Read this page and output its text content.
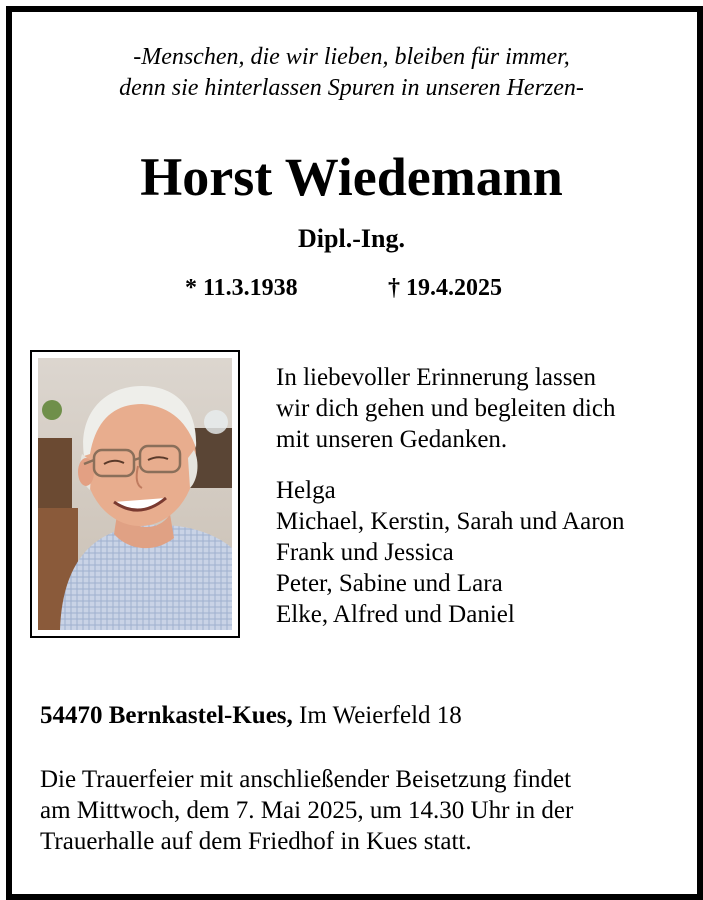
-Menschen, die wir lieben, bleiben für immer,
denn sie hinterlassen Spuren in unseren Herzen-
Horst Wiedemann
Dipl.-Ing.
* 11.3.1938	† 19.4.2025
In liebevoller Erinnerung lassen
wir dich gehen und begleiten dich
mit unseren Gedanken.
Helga
Michael, Kerstin, Sarah und Aaron
Frank und Jessica
Peter, Sabine und Lara
Elke, Alfred und Daniel
54470 Bernkastel-Kues, Im Weierfeld 18
Die Trauerfeier mit anschließender Beisetzung findet
am Mittwoch, dem 7. Mai 2025, um 14.30 Uhr in der
Trauerhalle auf dem Friedhof in Kues statt.
